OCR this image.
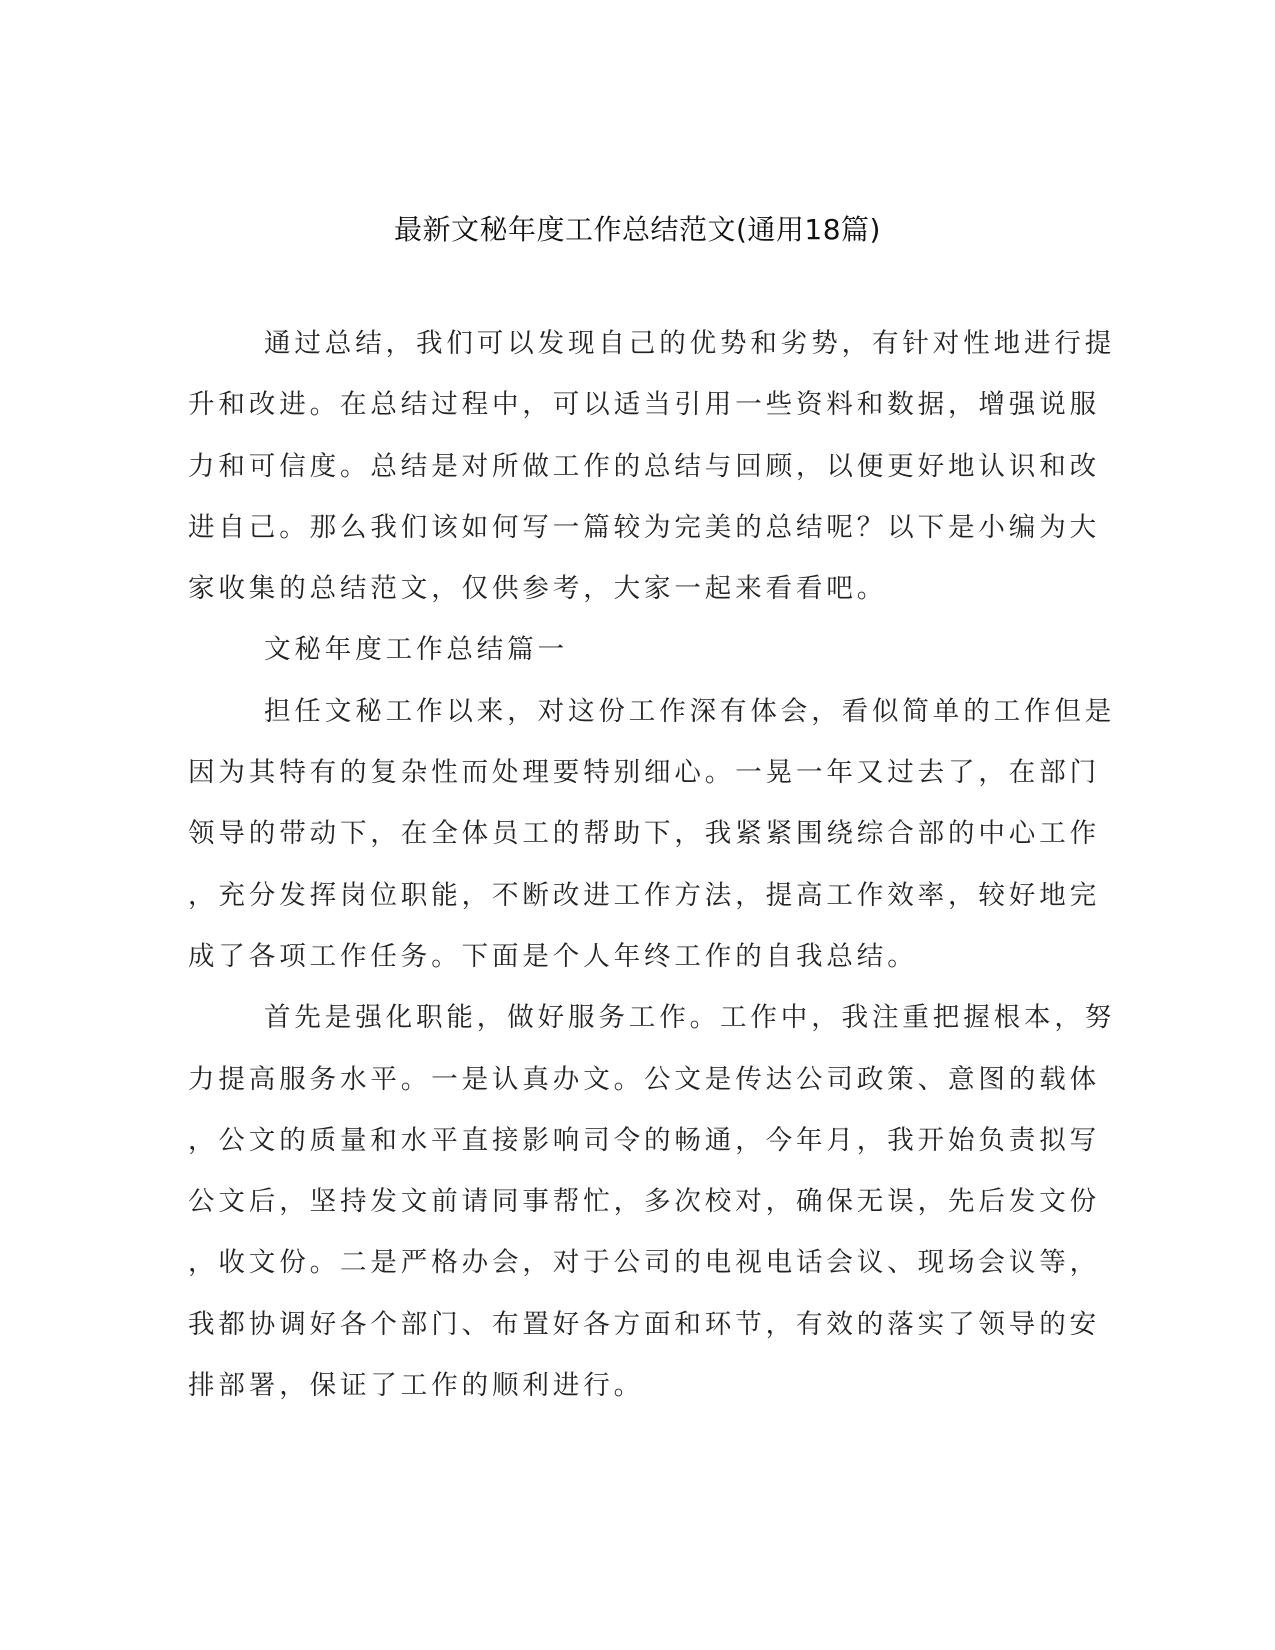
最新文秘年度工作总结范文(通用18篇)

通过总结，我们可以发现自己的优势和劣势，有针对性地进行提

升和改进。在总结过程中，可以适当引用一些资料和数据，增强说服

力和可信度。总结是对所做工作的总结与回顾，以便更好地认识和改

进自己。那么我们该如何写一篇较为完美的总结呢？以下是小编为大

家收集的总结范文，仅供参考，大家一起来看看吧。

文秘年度工作总结篇一

担任文秘工作以来，对这份工作深有体会，看似简单的工作但是

因为其特有的复杂性而处理要特别细心。一晃一年又过去了，在部门

领导的带动下，在全体员工的帮助下，我紧紧围绕综合部的中心工作

，充分发挥岗位职能，不断改进工作方法，提高工作效率，较好地完

成了各项工作任务。下面是个人年终工作的自我总结。

首先是强化职能，做好服务工作。工作中，我注重把握根本，努

力提高服务水平。一是认真办文。公文是传达公司政策、意图的载体

，公文的质量和水平直接影响司令的畅通，今年月，我开始负责拟写

公文后，坚持发文前请同事帮忙，多次校对，确保无误，先后发文份

，收文份。二是严格办会，对于公司的电视电话会议、现场会议等，

我都协调好各个部门、布置好各方面和环节，有效的落实了领导的安

排部署，保证了工作的顺利进行。
